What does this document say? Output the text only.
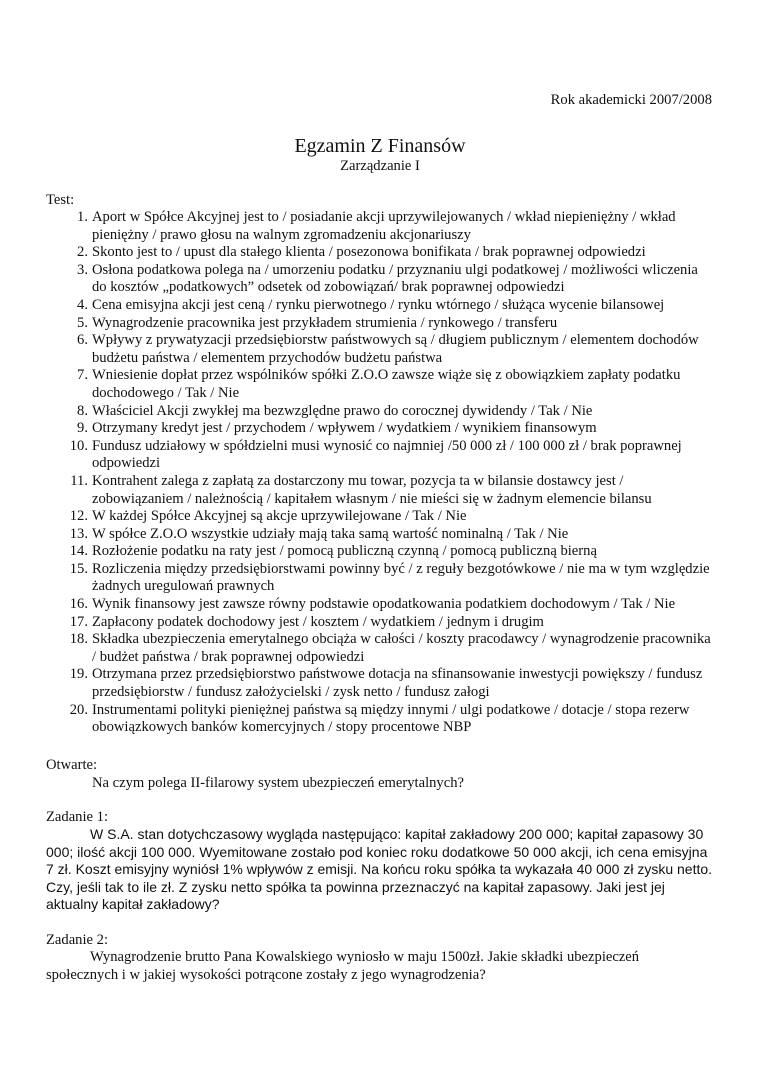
Rok akademicki 2007/2008
Egzamin Z Finansów
Zarządzanie I
Test:
1. Aport w Spółce Akcyjnej jest to / posiadanie akcji uprzywilejowanych / wkład niepieniężny / wkład pieniężny / prawo głosu na walnym zgromadzeniu akcjonariuszy
2. Skonto jest to / upust dla stałego klienta / posezonowa bonifikata / brak poprawnej odpowiedzi
3. Osłona podatkowa polega na / umorzeniu podatku / przyznaniu ulgi podatkowej / możliwości wliczenia do kosztów „podatkowych” odsetek od zobowiązań/ brak poprawnej odpowiedzi
4. Cena emisyjna akcji jest ceną / rynku pierwotnego / rynku wtórnego / służąca wycenie bilansowej
5. Wynagrodzenie pracownika jest przykładem strumienia / rynkowego / transferu
6. Wpływy z prywatyzacji przedsiębiorstw państwowych są / długiem publicznym / elementem dochodów budżetu państwa / elementem przychodów budżetu państwa
7. Wniesienie dopłat przez wspólników spółki Z.O.O zawsze wiąże się z obowiązkiem zapłaty podatku dochodowego / Tak / Nie
8. Właściciel Akcji zwykłej ma bezwzględne prawo do corocznej dywidendy / Tak / Nie
9. Otrzymany kredyt jest / przychodem / wpływem / wydatkiem / wynikiem finansowym
10. Fundusz udziałowy w spółdzielni musi wynosić co najmniej /50 000 zł / 100 000 zł / brak poprawnej odpowiedzi
11. Kontrahent zalega z zapłatą za dostarczony mu towar, pozycja ta w bilansie dostawcy jest / zobowiązaniem / należnością / kapitałem własnym / nie mieści się w żadnym elemencie bilansu
12. W każdej Spółce Akcyjnej są akcje uprzywilejowane / Tak / Nie
13. W spółce Z.O.O wszystkie udziały mają taka samą wartość nominalną / Tak / Nie
14. Rozłożenie podatku na raty jest / pomocą publiczną czynną / pomocą publiczną bierną
15. Rozliczenia między przedsiębiorstwami powinny być / z reguły bezgotówkowe / nie ma w tym względzie żadnych uregulowań prawnych
16. Wynik finansowy jest zawsze równy podstawie opodatkowania podatkiem dochodowym / Tak / Nie
17. Zapłacony podatek dochodowy jest / kosztem / wydatkiem / jednym i drugim
18. Składka ubezpieczenia emerytalnego obciąża w całości / koszty pracodawcy / wynagrodzenie pracownika / budżet państwa / brak poprawnej odpowiedzi
19. Otrzymana przez przedsiębiorstwo państwowe dotacja na sfinansowanie inwestycji powiększy / fundusz przedsiębiorstw / fundusz założycielski / zysk netto / fundusz załogi
20. Instrumentami polityki pieniężnej państwa są między innymi / ulgi podatkowe / dotacje / stopa rezerw obowiązkowych banków komercyjnych / stopy procentowe NBP
Otwarte:
Na czym polega II-filarowy system ubezpieczeń emerytalnych?
Zadanie 1:
W S.A. stan dotychczasowy wygląda następująco: kapitał zakładowy 200 000; kapitał zapasowy 30 000; ilość akcji 100 000. Wyemitowane zostało pod koniec roku dodatkowe 50 000 akcji, ich cena emisyjna 7 zł. Koszt emisyjny wyniósł 1% wpływów z emisji. Na końcu roku spółka ta wykazała 40 000 zł zysku netto. Czy, jeśli tak to ile zł. Z zysku netto spółka ta powinna przeznaczyć na kapitał zapasowy. Jaki jest jej aktualny kapitał zakładowy?
Zadanie 2:
Wynagrodzenie brutto Pana Kowalskiego wyniosło w maju 1500zł. Jakie składki ubezpieczeń społecznych i w jakiej wysokości potrącone zostały z jego wynagrodzenia?
